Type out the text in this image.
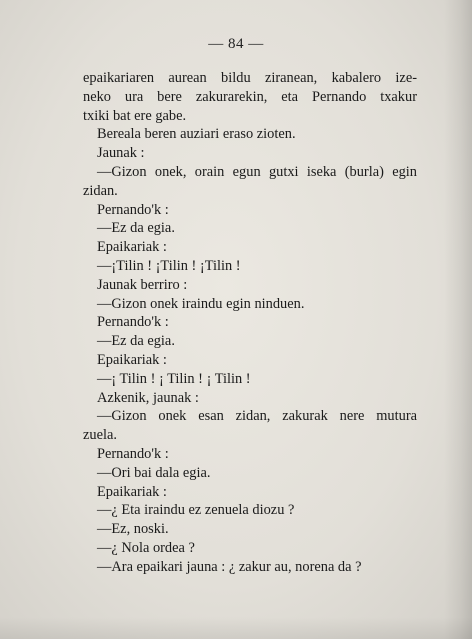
— 84 —
epaikariaren aurean bildu ziranean, kabalero ize-
neko ura bere zakurarekin, eta Pernando txakur
txiki bat ere gabe.
Bereala beren auziari eraso zioten.
Jaunak :
—Gizon onek, orain egun gutxi iseka (burla) egin
zidan.
Pernando'k :
—Ez da egia.
Epaikariak :
—¡Tilin ! ¡Tilin ! ¡Tilin !
Jaunak berriro :
—Gizon onek iraindu egin ninduen.
Pernando'k :
—Ez da egia.
Epaikariak :
—¡ Tilin ! ¡ Tilin ! ¡ Tilin !
Azkenik, jaunak :
—Gizon onek esan zidan, zakurak nere mutura
zuela.
Pernando'k :
—Ori bai dala egia.
Epaikariak :
—¿ Eta iraindu ez zenuela diozu ?
—Ez, noski.
—¿ Nola ordea ?
—Ara epaikari jauna : ¿ zakur au, norena da ?
